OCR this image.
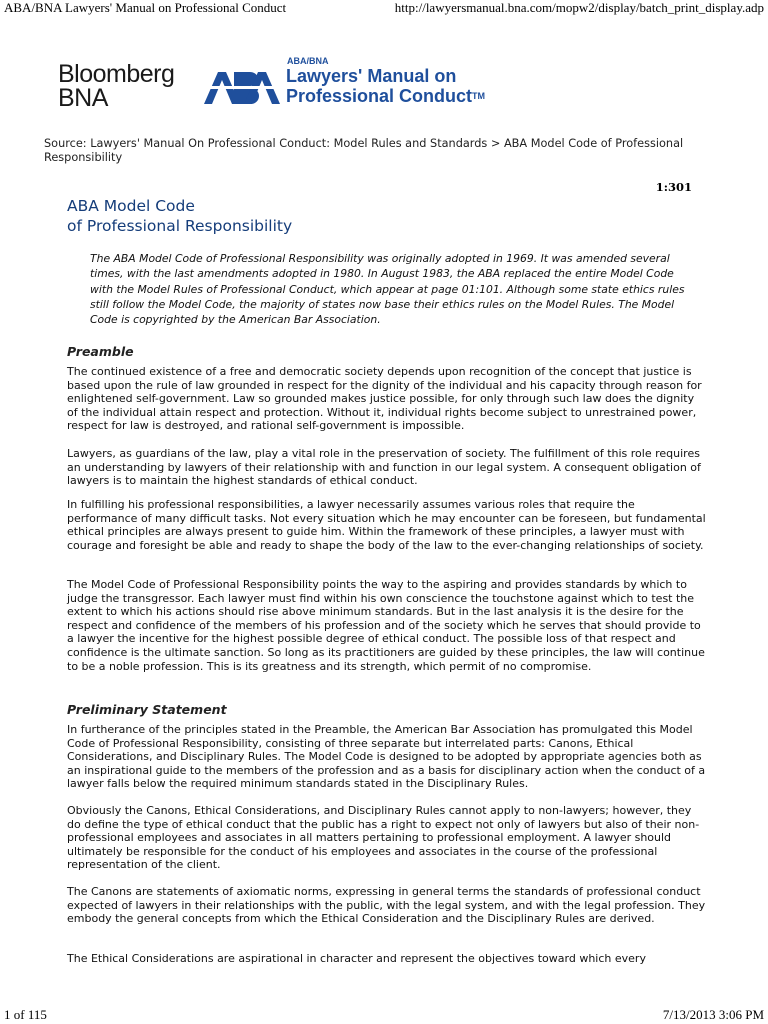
ABA/BNA Lawyers' Manual on Professional Conduct	http://lawyersmanual.bna.com/mopw2/display/batch_print_display.adp
Bloomberg
BNA
ABA/BNA
Lawyers' Manual on
Professional Conduct™
Source: Lawyers' Manual On Professional Conduct: Model Rules and Standards > ABA Model Code of Professional Responsibility
1:301
ABA Model Code
of Professional Responsibility

The ABA Model Code of Professional Responsibility was originally adopted in 1969. It was amended several times, with the last amendments adopted in 1980. In August 1983, the ABA replaced the entire Model Code with the Model Rules of Professional Conduct, which appear at page 01:101. Although some state ethics rules still follow the Model Code, the majority of states now base their ethics rules on the Model Rules. The Model Code is copyrighted by the American Bar Association.

Preamble

The continued existence of a free and democratic society depends upon recognition of the concept that justice is based upon the rule of law grounded in respect for the dignity of the individual and his capacity through reason for enlightened self-government. Law so grounded makes justice possible, for only through such law does the dignity of the individual attain respect and protection. Without it, individual rights become subject to unrestrained power, respect for law is destroyed, and rational self-government is impossible.

Lawyers, as guardians of the law, play a vital role in the preservation of society. The fulfillment of this role requires an understanding by lawyers of their relationship with and function in our legal system. A consequent obligation of lawyers is to maintain the highest standards of ethical conduct.

In fulfilling his professional responsibilities, a lawyer necessarily assumes various roles that require the performance of many difficult tasks. Not every situation which he may encounter can be foreseen, but fundamental ethical principles are always present to guide him. Within the framework of these principles, a lawyer must with courage and foresight be able and ready to shape the body of the law to the ever-changing relationships of society.

The Model Code of Professional Responsibility points the way to the aspiring and provides standards by which to judge the transgressor. Each lawyer must find within his own conscience the touchstone against which to test the extent to which his actions should rise above minimum standards. But in the last analysis it is the desire for the respect and confidence of the members of his profession and of the society which he serves that should provide to a lawyer the incentive for the highest possible degree of ethical conduct. The possible loss of that respect and confidence is the ultimate sanction. So long as its practitioners are guided by these principles, the law will continue to be a noble profession. This is its greatness and its strength, which permit of no compromise.

Preliminary Statement

In furtherance of the principles stated in the Preamble, the American Bar Association has promulgated this Model Code of Professional Responsibility, consisting of three separate but interrelated parts: Canons, Ethical Considerations, and Disciplinary Rules. The Model Code is designed to be adopted by appropriate agencies both as an inspirational guide to the members of the profession and as a basis for disciplinary action when the conduct of a lawyer falls below the required minimum standards stated in the Disciplinary Rules.

Obviously the Canons, Ethical Considerations, and Disciplinary Rules cannot apply to non-lawyers; however, they do define the type of ethical conduct that the public has a right to expect not only of lawyers but also of their non-professional employees and associates in all matters pertaining to professional employment. A lawyer should ultimately be responsible for the conduct of his employees and associates in the course of the professional representation of the client.

The Canons are statements of axiomatic norms, expressing in general terms the standards of professional conduct expected of lawyers in their relationships with the public, with the legal system, and with the legal profession. They embody the general concepts from which the Ethical Consideration and the Disciplinary Rules are derived.

The Ethical Considerations are aspirational in character and represent the objectives toward which every

1 of 115	7/13/2013 3:06 PM
